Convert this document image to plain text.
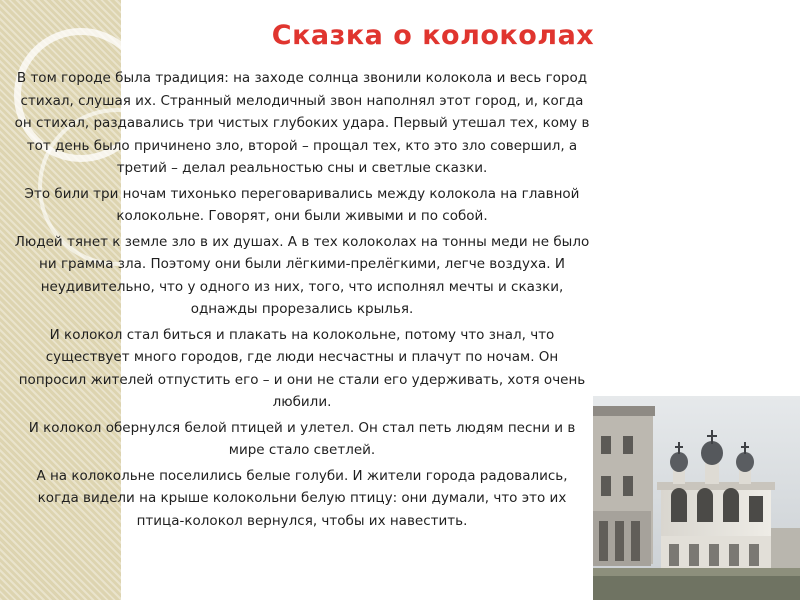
Сказка о колоколах

В том городе была традиция: на заходе солнца звонили колокола и весь город стихал, слушая их. Странный мелодичный звон наполнял этот город, и, когда он стихал, раздавались три чистых глубоких удара. Первый утешал тех, кому в тот день было причинено зло, второй – прощал тех, кто это зло совершил, а третий – делал реальностью сны и светлые сказки.

Это били три ночам тихонько переговаривались между колокола на главной колокольне. Говорят, они были живыми и по собой.

Людей тянет к земле зло в их душах. А в тех колоколах на тонны меди не было ни грамма зла. Поэтому они были лёгкими-прелёгкими, легче воздуха. И неудивительно, что у одного из них, того, что исполнял мечты и сказки, однажды прорезались крылья.

И колокол стал биться и плакать на колокольне, потому что знал, что существует много городов, где люди несчастны и плачут по ночам. Он попросил жителей отпустить его – и они не стали его удерживать, хотя очень любили.

И колокол обернулся белой птицей и улетел. Он стал петь людям песни и в мире стало светлей.

А на колокольне поселились белые голуби. И жители города радовались, когда видели на крыше колокольни белую птицу: они думали, что это их птица-колокол вернулся, чтобы их навестить.
